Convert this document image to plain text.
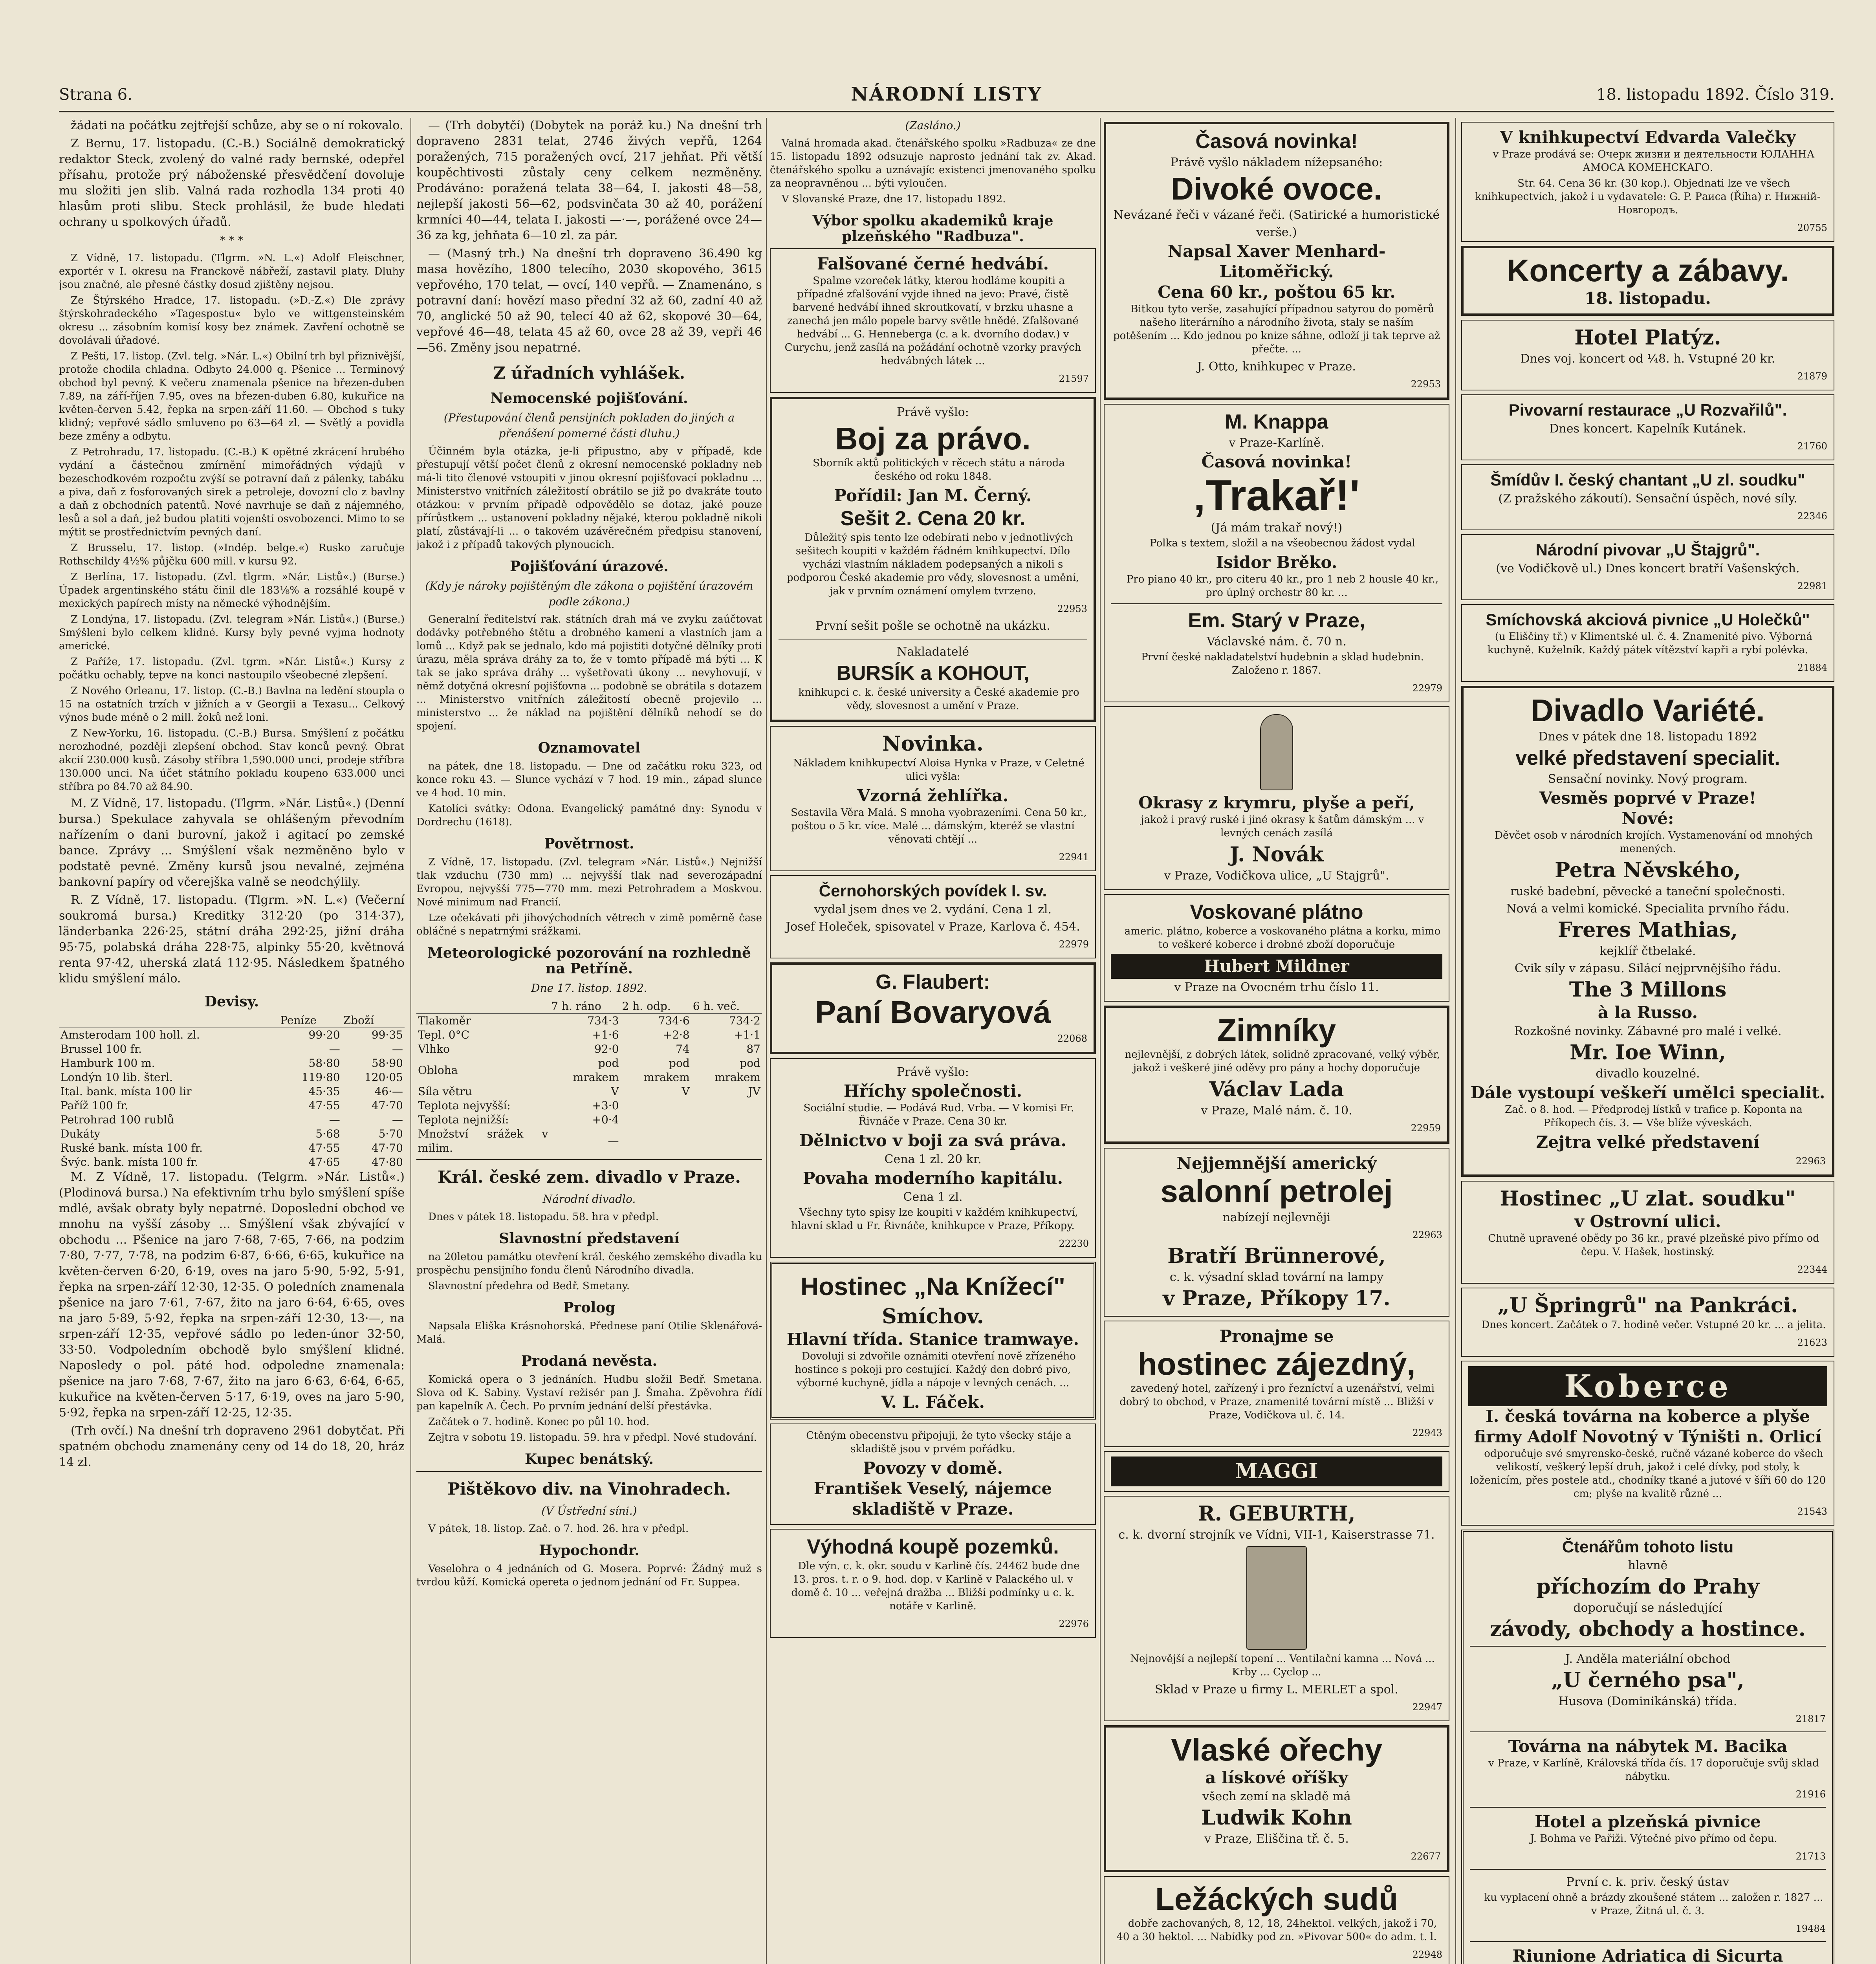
Strana 6.	NÁRODNÍ LISTY	18. listopadu 1892. Číslo 319.

žádati na počátku zejtřejší schůze, aby se o ní rokovalo.

Z Bernu, 17. listopadu. (C.-B.) Sociálně demokratický redaktor Steck, zvolený do valné rady bernské, odepřel přísahu, protože prý náboženské přesvědčení dovoluje mu složiti jen slib. Valná rada rozhodla 134 proti 40 hlasům proti slibu. Steck prohlásil, že bude hledati ochrany u spolkových úřadů.

* * *

Z Vídně, 17. listopadu. (Tlgrm. »N. L.«) Adolf Fleischner, exportér v I. okresu na Franckově nábřeží, zastavil platy. Dluhy jsou značné, ale přesné částky dosud zjištěny nejsou.

Ze Štýrského Hradce, 17. listopadu. (»D.-Z.«) Dle zprávy štýrskohradeckého »Tagespostu« bylo ve wittgensteinském okresu ... zásobním komisí kosy bez známek. Zavření ochotně se dovolávali úřadové.

Z Pešti, 17. listop. (Zvl. telg. »Nár. L.«) Obilní trh byl přiznivější, protože chodila chladna. Odbyto 24.000 q. Pšenice ... Terminový obchod byl pevný. K večeru znamenala pšenice na březen-duben 7.89, na září-říjen 7.95, oves na březen-duben 6.80, kukuřice na květen-červen 5.42, řepka na srpen-září 11.60. — Obchod s tuky klidný; vepřové sádlo smluveno po 63—64 zl. — Světlý a povidla beze změny a odbytu.

Z Petrohradu, 17. listopadu. (C.-B.) K opětné zkrácení hrubého vydání a částečnou zmírnění mimořádných výdajů v bezeschodkovém rozpočtu zvýší se potravní daň z pálenky, tabáku a piva, daň z fosforovaných sirek a petroleje, dovozní clo z bavlny a daň z obchodních patentů. Nové navrhuje se daň z nájemného, lesů a sol a daň, jež budou platiti vojenští osvobozenci. Mimo to se mýtit se prostřednictvím pevných daní.

Z Brusselu, 17. listop. (»Indép. belge.«) Rusko zaručuje Rothschildy 4½% půjčku 600 mill. v kursu 92.

Z Berlína, 17. listopadu. (Zvl. tlgrm. »Nár. Listů«.) (Burse.) Úpadek argentinského státu činil dle 183⅛% a rozsáhlé koupě v mexických papírech místy na německé výhodnějším.

Z Londýna, 17. listopadu. (Zvl. telegram »Nár. Listů«.) (Burse.) Smýšlení bylo celkem klidné. Kursy byly pevné vyjma hodnoty americké.

Z Paříže, 17. listopadu. (Zvl. tgrm. »Nár. Listů«.) Kursy z počátku ochably, tepve na konci nastoupilo všeobecné zlepšení.

Z Nového Orleanu, 17. listop. (C.-B.) Bavlna na ledění stoupla o 15 na ostatních trzích v jižních a v Georgii a Texasu... Celkový výnos bude méně o 2 mill. žoků než loni.

Z New-Yorku, 16. listopadu. (C.-B.) Bursa. Smýšlení z počátku nerozhodné, později zlepšení obchod. Stav konců pevný. Obrat akcií 230.000 kusů. Zásoby stříbra 1,590.000 unci, prodeje stříbra 130.000 unci. Na účet státního pokladu koupeno 633.000 unci stříbra po 84.70 až 84.90.

M. Z Vídně, 17. listopadu. (Tlgrm. »Nár. Listů«.) (Denní bursa.) Spekulace zahyvala se ohlášeným převodním nařízením o dani burovní, jakož i agitací po zemské bance. Zprávy ... Smýšlení však nezměněno bylo v podstatě pevné. Změny kursů jsou nevalné, zejména bankovní papíry od včerejška valně se neodchýlily.

R. Z Vídně, 17. listopadu. (Tlgrm. »N. L.«) (Večerní soukromá bursa.) Kreditky 312·20 (po 314·37), länderbanka 226·25, státní dráha 292·25, jižní dráha 95·75, polabská dráha 228·75, alpinky 55·20, květnová renta 97·42, uherská zlatá 112·95. Následkem špatného klidu smýšlení málo.

Devisy.
	Peníze	Zboží
Amsterodam 100 holl. zl.	99·20	99·35
Brussel 100 fr.	—	—
Hamburk 100 m.	58·80	58·90
Londýn 10 lib. šterl.	119·80	120·05
Ital. bank. místa 100 lir	45·35	46·—
Paříž 100 fr.	47·55	47·70
Petrohrad 100 rublů	—	—
Dukáty	5·68	5·70
Ruské bank. místa 100 fr.	47·55	47·70
Švýc. bank. místa 100 fr.	47·65	47·80

M. Z Vídně, 17. listopadu. (Telgrm. »Nár. Listů«.) (Plodinová bursa.) Na efektivním trhu bylo smýšlení spíše mdlé, avšak obraty byly nepatrné. Doposlední obchod ve mnohu na vyšší zásoby ... Smýšlení však zbývající v obchodu ... Pšenice na jaro 7·68, 7·65, 7·66, na podzim 7·80, 7·77, 7·78, na podzim 6·87, 6·66, 6·65, kukuřice na květen-červen 6·20, 6·19, oves na jaro 5·90, 5·92, 5·91, řepka na srpen-září 12·30, 12·35. O poledních znamenala pšenice na jaro 7·61, 7·67, žito na jaro 6·64, 6·65, oves na jaro 5·89, 5·92, řepka na srpen-září 12·30, 13·—, na srpen-září 12·35, vepřové sádlo po leden-únor 32·50, 33·50. Vodpoledním obchodě bylo smýšlení klidné. Naposledy o pol. páté hod. odpoledne znamenala: pšenice na jaro 7·68, 7·67, žito na jaro 6·63, 6·64, 6·65, kukuřice na květen-červen 5·17, 6·19, oves na jaro 5·90, 5·92, řepka na srpen-září 12·25, 12·35.

(Trh ovčí.) Na dnešní trh dopraveno 2961 dobytčat. Při spatném obchodu znamenány ceny od 14 do 18, 20, hráz 14 zl.

— (Trh dobytčí) (Dobytek na poráž ku.) Na dnešní trh dopraveno 2831 telat, 2746 živých vepřů, 1264 poražených, 715 poražených ovcí, 217 jehňat. Při větší koupěchtivosti zůstaly ceny celkem nezměněny. Prodáváno: poražená telata 38—64, I. jakosti 48—58, nejlepší jakosti 56—62, podsvinčata 30 až 40, porážení krmníci 40—44, telata I. jakosti —·—, porážené ovce 24—36 za kg, jehňata 6—10 zl. za pár.

— (Masný trh.) Na dnešní trh dopraveno 36.490 kg masa hovězího, 1800 telecího, 2030 skopového, 3615 vepřového, 170 telat, — ovcí, 140 vepřů. — Znamenáno, s potravní daní: hovězí maso přední 32 až 60, zadní 40 až 70, anglické 50 až 90, telecí 40 až 62, skopové 30—64, vepřové 46—48, telata 45 až 60, ovce 28 až 39, vepři 46—56. Změny jsou nepatrné.

Z úřadních vyhlášek.
Nemocenské pojišťování.
(Přestupování členů pensijních pokladen do jiných a přenášení pomerné části dluhu.)

Účinném byla otázka, je-li připustno, aby v případě, kde přestupují větší počet členů z okresní nemocenské pokladny neb má-li tito členové vstoupiti v jinou okresní pojišťovací pokladnu ... Ministerstvo vnitřních záležitostí obrátilo se již po dvakráte touto otázkou: v prvním případě odpovědělo se dotaz, jaké pouze přírůstkem ... ustanovení pokladny nějaké, kterou pokladně nikoli platí, zůstávají-li ... o takovém uzávěrečném předpisu stanovení, jakož i z případů takových plynoucích.

Pojišťování úrazové.
(Kdy je nároky pojištěným dle zákona o pojištění úrazovém podle zákona.)

Generalní ředitelství rak. státních drah má ve zvyku zaúčtovat dodávky potřebného štětu a drobného kamení a vlastních jam a lomů ... Když pak se jednalo, kdo má pojistiti dotyčné dělníky proti úrazu, měla správa dráhy za to, že v tomto případě má býti ... K tak se jako správa dráhy ... vyšetřovati úkony ... nevyhovují, v němž dotyčná okresní pojišťovna ... podobně se obrátila s dotazem ... Ministerstvo vnitřních záležitostí obecně projevilo ... ministerstvo ... že náklad na pojištění dělníků nehodí se do spojení.

Oznamovatel

na pátek, dne 18. listopadu. — Dne od začátku roku 323, od konce roku 43. — Slunce vychází v 7 hod. 19 min., západ slunce ve 4 hod. 10 min.

Katolíci svátky: Odona. Evangelický památné dny: Synodu v Dordrechu (1618).

Povětrnost.

Z Vídně, 17. listopadu. (Zvl. telegram »Nár. Listů«.) Nejnižší tlak vzduchu (730 mm) ... nejvyšší tlak nad severozápadní Evropou, nejvyšší 775—770 mm. mezi Petrohradem a Moskvou. Nové minimum nad Francií.

Lze očekávati při jihovýchodních větrech v zimě poměrně čase obláčné s nepatrnými srážkami.

Meteorologické pozorování na rozhledně na Petříně.
Dne 17. listop. 1892.
	7 h. ráno	2 h. odp.	6 h. več.
Tlakoměr	734·3	734·6	734·2
Tepl. 0°C	+1·6	+2·8	+1·1
Vlhko	92·0	74	87
Obloha	pod mrakem	pod mrakem	pod mrakem
Síla větru	V	V	JV
Teplota nejvyšší:	+3·0		
Teplota nejnižší:	+0·4		
Množství srážek v milim.	—		
Král. české zem. divadlo v Praze.
Národní divadlo.

Dnes v pátek 18. listopadu. 58. hra v předpl.

Slavnostní představení

na 20letou památku otevření král. českého zemského divadla ku prospěchu pensijního fondu členů Národního divadla.

Slavnostní předehra od Bedř. Smetany.

Prolog

Napsala Eliška Krásnohorská. Přednese paní Otilie Sklenářová-Malá.

Prodaná nevěsta.

Komická opera o 3 jednáních. Hudbu složil Bedř. Smetana. Slova od K. Sabiny. Vystaví režisér pan J. Šmaha. Zpěvohra řídí pan kapelník A. Čech. Po prvním jednání delší přestávka.

Začátek o 7. hodině. Konec po půl 10. hod.

Zejtra v sobotu 19. listopadu. 59. hra v předpl. Nové studování.

Kupec benátský.
Pištěkovo div. na Vinohradech.
(V Ústřední síni.)

V pátek, 18. listop. Zač. o 7. hod. 26. hra v předpl.

Hypochondr.

Veselohra o 4 jednáních od G. Mosera. Poprvé: Žádný muž s tvrdou kůží. Komická opereta o jednom jednání od Fr. Suppea.

(Zasláno.)

Valná hromada akad. čtenářského spolku »Radbuza« ze dne 15. listopadu 1892 odsuzuje naprosto jednání tak zv. Akad. čtenářského spolku a uznávajíc existenci jmenovaného spolku za neopravněnou ... býti vyloučen.

V Slovanské Praze, dne 17. listopadu 1892.

Výbor spolku akademiků kraje plzeňského "Radbuza".
Falšované černé hedvábí.

Spalme vzoreček látky, kterou hodláme koupiti a případné zfalšování vyjde ihned na jevo: Pravé, čistě barvené hedvábí ihned skroutkovatí, v brzku uhasne a zanechá jen málo popele barvy světle hnědé. Zfalšované hedvábí ... G. Henneberga (c. a k. dvorního dodav.) v Curychu, jenž zasílá na požádání ochotně vzorky pravých hedvábných látek ...

21597
Právě vyšlo:
Boj za právo.

Sborník aktů politických v rěcech státu a národa českého od roku 1848.

Pořídil: Jan M. Černý.
Sešit 2. Cena 20 kr.

Důležitý spis tento lze odebírati nebo v jednotlivých sešitech koupiti v každém řádném knihkupectví. Dílo vycházi vlastním nákladem podepsaných a nikoli s podporou České akademie pro vědy, slovesnost a umění, jak v prvním oznámení omylem tvrzeno.

22953
První sešit pošle se ochotně na ukázku.
Nakladatelé
BURSÍK a KOHOUT,

knihkupci c. k. české university a České akademie pro vědy, slovesnost a umění v Praze.

Novinka.

Nákladem knihkupectví Aloisa Hynka v Praze, v Celetné ulici vyšla:

Vzorná žehlířka.

Sestavila Věra Malá. S mnoha vyobrazeními. Cena 50 kr., poštou o 5 kr. více. Malé ... dámským, kteréž se vlastní věnovati chtějí ...

22941
Černohorských povídek I. sv.
vydal jsem dnes ve 2. vydání. Cena 1 zl.
Josef Holeček, spisovatel v Praze, Karlova č. 454.
22979
G. Flaubert:
Paní Bovaryová
22068
Právě vyšlo:
Hříchy společnosti.

Sociální studie. — Podává Rud. Vrba. — V komisi Fr. Řivnáče v Praze. Cena 30 kr.

Dělnictvo v boji za svá práva.
Cena 1 zl. 20 kr.
Povaha moderního kapitálu.
Cena 1 zl.

Všechny tyto spisy lze koupiti v každém knihkupectví, hlavní sklad u Fr. Řivnáče, knihkupce v Praze, Příkopy.

22230
Hostinec „Na Knížecí"
Smíchov.
Hlavní třída. Stanice tramwaye.

Dovoluji si zdvořile oznámiti otevření nově zřízeného hostince s pokoji pro cestující. Každý den dobré pivo, výborné kuchyně, jídla a nápoje v levných cenách. ...

V. L. Fáček.

Ctěným obecenstvu připojuji, že tyto všecky stáje a skladiště jsou v prvém pořádku.

Povozy v domě.
František Veselý, nájemce skladiště v Praze.
Výhodná koupě pozemků.

Dle výn. c. k. okr. soudu v Karlině čís. 24462 bude dne 13. pros. t. r. o 9. hod. dop. v Karlině v Palackého ul. v domě č. 10 ... veřejná dražba ... Bližší podmínky u c. k. notáře v Karlině.

22976
Časová novinka!
Právě vyšlo nákladem nížepsaného:
Divoké ovoce.
Nevázané řeči v vázané řeči. (Satirické a humoristické verše.)
Napsal Xaver Menhard-Litoměřický.
Cena 60 kr., poštou 65 kr.

Bitkou tyto verše, zasahující případnou satyrou do poměrů našeho literárního a národního života, staly se naším potěšením ... Kdo jednou po knize sáhne, odloží ji tak teprve až přečte. ...

J. Otto, knihkupec v Praze.
22953
M. Knappa
v Praze-Karlíně.
Časová novinka!
‚Trakař!'
(Já mám trakař nový!)

Polka s textem, složil a na všeobecnou žádost vydal

Isidor Brěko.

Pro piano 40 kr., pro citeru 40 kr., pro 1 neb 2 housle 40 kr., pro úplný orchestr 80 kr. ...

Em. Starý v Praze,
Václavské nám. č. 70 n.

První české nakladatelství hudebnin a sklad hudebnin. Založeno r. 1867.

22979
Okrasy z krymru, plyše a peří,

jakož i pravý ruské i jiné okrasy k šatům dámským ... v levných cenách zasílá

J. Novák
v Praze, Vodičkova ulice, „U Stajgrů".
Voskované plátno

americ. plátno, koberce a voskovaného plátna a korku, mimo to veškeré koberce i drobné zboží doporučuje

Hubert Mildner
v Praze na Ovocném trhu číslo 11.
Zimníky

nejlevnější, z dobrých látek, solidně zpracované, velký výběr, jakož i veškeré jiné oděvy pro pány a hochy doporučuje

Václav Lada
v Praze, Malé nám. č. 10.
22959
Nejjemnější americký
salonní petrolej
nabízejí nejlevněji
22963
Bratří Brünnerové,
c. k. výsadní sklad tovární na lampy
v Praze, Příkopy 17.
Pronajme se
hostinec zájezdný,

zavedený hotel, zařízený i pro řezníctví a uzenářství, velmi dobrý to obchod, v Praze, znamenité tovární místě ... Bližší v Praze, Vodičkova ul. č. 14.

22943
MAGGI
R. GEBURTH,
c. k. dvorní strojník ve Vídni, VII-1, Kaiserstrasse 71.

Nejnovější a nejlepší topení ... Ventilační kamna ... Nová ... Krby ... Cyclop ...

Sklad v Praze u firmy L. MERLET a spol.
22947
Vlaské ořechy
a lískové oříšky
všech zemí na skladě má
Ludwik Kohn
v Praze, Eliščina tř. č. 5.
22677
Ležáckých sudů

dobře zachovaných, 8, 12, 18, 24hektol. velkých, jakož i 70, 40 a 30 hektol. ... Nabídky pod zn. »Pivovar 500« do adm. t. l.

22948
V knihkupectví Edvarda Valečky

v Praze prodává se: Очерк жизни и деятельности ЮЛАННА АМОСА КОМЕНСКАГО.

Str. 64. Cena 36 kr. (30 kop.). Objednati lze ve všech knihkupectvích, jakož i u vydavatele: G. P. Раиса (Říha) r. Нижнiй-Новгородъ.

20755
Koncerty a zábavy.
18. listopadu.
Hotel Platýz.
Dnes voj. koncert od ¼8. h. Vstupné 20 kr.
21879
Pivovarní restaurace „U Rozvařilů".
Dnes koncert. Kapelník Kutánek.
21760
Šmídův I. český chantant „U zl. soudku"
(Z pražského zákoutí). Sensační úspěch, nové síly.
22346
Národní pivovar „U Štajgrů".
(ve Vodičkově ul.) Dnes koncert bratří Vašenských.
22981
Smíchovská akciová pivnice „U Holečků"

(u Eliščiny tř.) v Klimentské ul. č. 4. Znamenité pivo. Výborná kuchyně. Kuželník. Každý pátek vítězství kapři a rybí polévka.

21884
Divadlo Variété.
Dnes v pátek dne 18. listopadu 1892
velké představení specialit.
Sensační novinky. Nový program.
Vesměs poprvé v Praze!
Nové:

Děvčet osob v národních krojích. Vystamenování od mnohých menených.

Petra Něvského,
ruské badební, pěvecké a taneční společnosti.
Nová a velmi komické. Specialita prvního řádu.
Freres Mathias,
kejklíř čtbelaké.
Cvik síly v zápasu. Silácí nejprvnějšího řádu.
The 3 Millons
à la Russo.
Rozkošné novinky. Zábavné pro malé i velké.
Mr. Ioe Winn,
divadlo kouzelné.
Dále vystoupí veškeří umělci specialit.

Zač. o 8. hod. — Předprodej lístků v trafice p. Koponta na Příkopech čís. 3. — Vše blíže výveskách.

Zejtra velké představení
22963
Hostinec „U zlat. soudku"
v Ostrovní ulici.

Chutně upravené obědy po 36 kr., pravé plzeňské pivo přímo od čepu. V. Hašek, hostinský.

22344
„U Špringrů" na Pankráci.

Dnes koncert. Začátek o 7. hodině večer. Vstupné 20 kr. ... a jelita.

21623
Koberce
I. česká továrna na koberce a plyše firmy Adolf Novotný v Týništi n. Orlicí

odporučuje své smyrensko-české, ručně vázané koberce do všech velikostí, veškerý lepší druh, jakož i celé dívky, pod stoly, k loženicím, přes postele atd., chodníky tkané a jutové v šíři 60 do 120 cm; plyše na kvalitě různé ...

21543
Čtenářům tohoto listu
hlavně
příchozím do Prahy
doporučují se následující
závody, obchody a hostince.
J. Anděla materiální obchod
„U černého psa",
Husova (Dominikánská) třída.
21817
Továrna na nábytek M. Bacika

v Praze, v Karlíně, Královská třída čís. 17 doporučuje svůj sklad nábytku.

21916
Hotel a plzeňská pivnice

J. Bohma ve Pařiži. Výtečné pivo přímo od čepu.

21713
První c. k. priv. český ústav

ku vyplacení ohně a brázdy zkoušené státem ... založen r. 1827 ... v Praze, Žitná ul. č. 3.

19484
Riunione Adriatica di Sicurta
